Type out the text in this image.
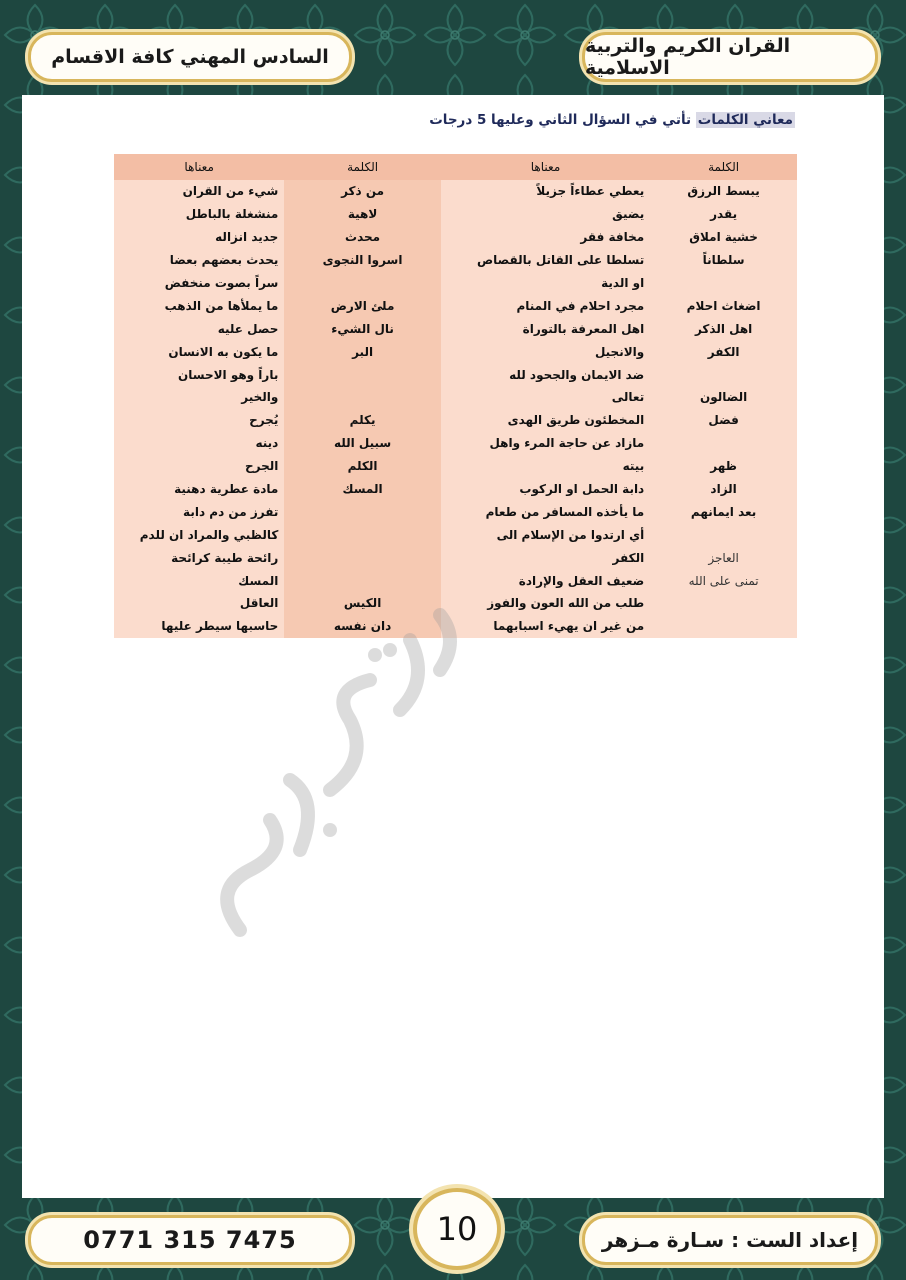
القران الكريم والتربية الاسلامية
السادس المهني كافة الاقسام
معاني الكلمات تأتي في السؤال الثاني وعليها 5 درجات
الكلمة	معناها	الكلمة	معناها
يبسط الرزق	يعطي عطاءاً جزيلاً	من ذكر	شيء من القران
يقدر	يضيق	لاهية	منشغلة بالباطل
خشية املاق	مخافة فقر	محدث	جديد انزاله
سلطاناً	تسلطا على القاتل بالقصاص	اسروا النجوى	يحدث بعضهم بعضا
	او الدية		سراً بصوت منخفض
اضغاث احلام	مجرد احلام في المنام	ملئ الارض	ما يملأها من الذهب
اهل الذكر	اهل المعرفة بالتوراة	نال الشيء	حصل عليه
الكفر	والانجيل	البر	ما يكون به الانسان
	ضد الايمان والجحود لله		باراً وهو الاحسان
الضالون	تعالى		والخير
فضل	المخطئون طريق الهدى	يكلم	يُجرح
	مازاد عن حاجة المرء واهل	سبيل الله	دينه
ظهر	بيته	الكلم	الجرح
الزاد	دابة الحمل او الركوب	المسك	مادة عطرية دهنية
بعد ايمانهم	ما يأخذه المسافر من طعام		تفرز من دم دابة
	أي ارتدوا من الإسلام الى		كالظبي والمراد ان للدم
العاجز	الكفر		رائحة طيبة كرائحة
تمنى على الله	ضعيف العقل والإرادة		المسك
	طلب من الله العون والفوز	الكيس	العاقل
	من غير ان يهيء اسبابهما	دان نفسه	حاسبها سيطر عليها
إعداد الست : سـارة مـزهر
0771 315 7475	10
